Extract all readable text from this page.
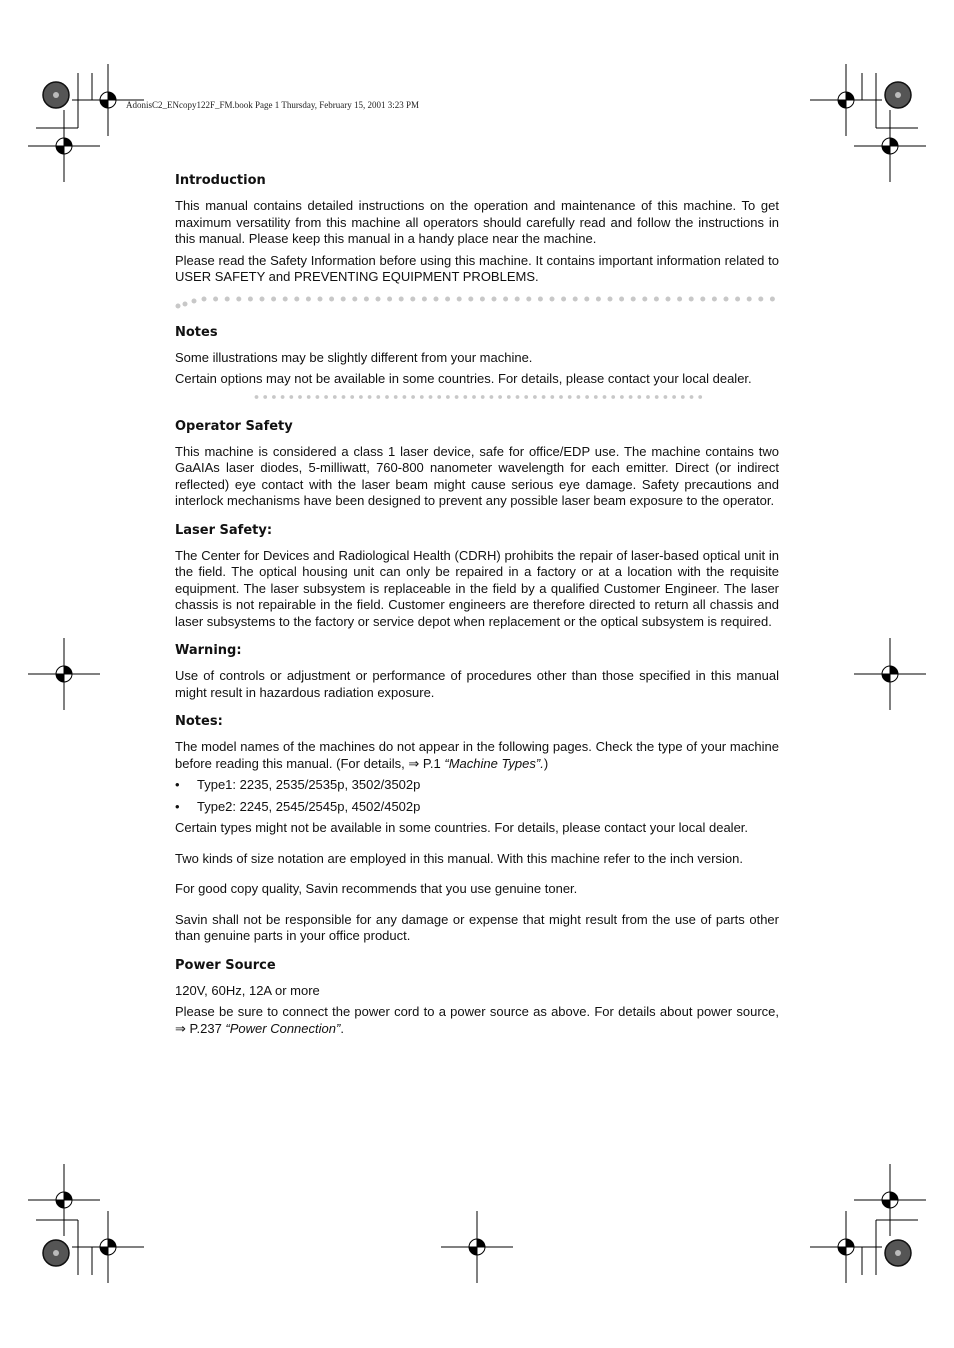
AdonisC2_ENcopy122F_FM.book Page 1 Thursday, February 15, 2001 3:23 PM
Introduction

This manual contains detailed instructions on the operation and maintenance of this machine. To get maximum versatility from this machine all operators should carefully read and follow the instructions in this manual. Please keep this manual in a handy place near the machine.

Please read the Safety Information before using this machine. It contains important information related to USER SAFETY and PREVENTING EQUIPMENT PROBLEMS.

Notes

Some illustrations may be slightly different from your machine.

Certain options may not be available in some countries. For details, please contact your local dealer.

Operator Safety

This machine is considered a class 1 laser device, safe for office/EDP use. The machine contains two GaAIAs laser diodes, 5-milliwatt, 760-800 nanometer wavelength for each emitter. Direct (or indirect reflected) eye contact with the laser beam might cause serious eye damage. Safety precautions and interlock mechanisms have been designed to prevent any possible laser beam exposure to the operator.

Laser Safety:

The Center for Devices and Radiological Health (CDRH) prohibits the repair of laser-based optical unit in the field. The optical housing unit can only be repaired in a factory or at a location with the requisite equipment. The laser subsystem is replaceable in the field by a qualified Customer Engineer. The laser chassis is not repairable in the field. Customer engineers are therefore directed to return all chassis and laser subsystems to the factory or service depot when replacement or the optical subsystem is required.

Warning:

Use of controls or adjustment or performance of procedures other than those specified in this manual might result in hazardous radiation exposure.

Notes:

The model names of the machines do not appear in the following pages. Check the type of your machine before reading this manual. (For details, ⇒ P.1 “Machine Types”.)

• Type1: 2235, 2535/2535p, 3502/3502p
• Type2: 2245, 2545/2545p, 4502/4502p

Certain types might not be available in some countries. For details, please contact your local dealer.

Two kinds of size notation are employed in this manual. With this machine refer to the inch version.

For good copy quality, Savin recommends that you use genuine toner.

Savin shall not be responsible for any damage or expense that might result from the use of parts other than genuine parts in your office product.

Power Source

120V, 60Hz, 12A or more

Please be sure to connect the power cord to a power source as above. For details about power source, ⇒ P.237 “Power Connection”.
